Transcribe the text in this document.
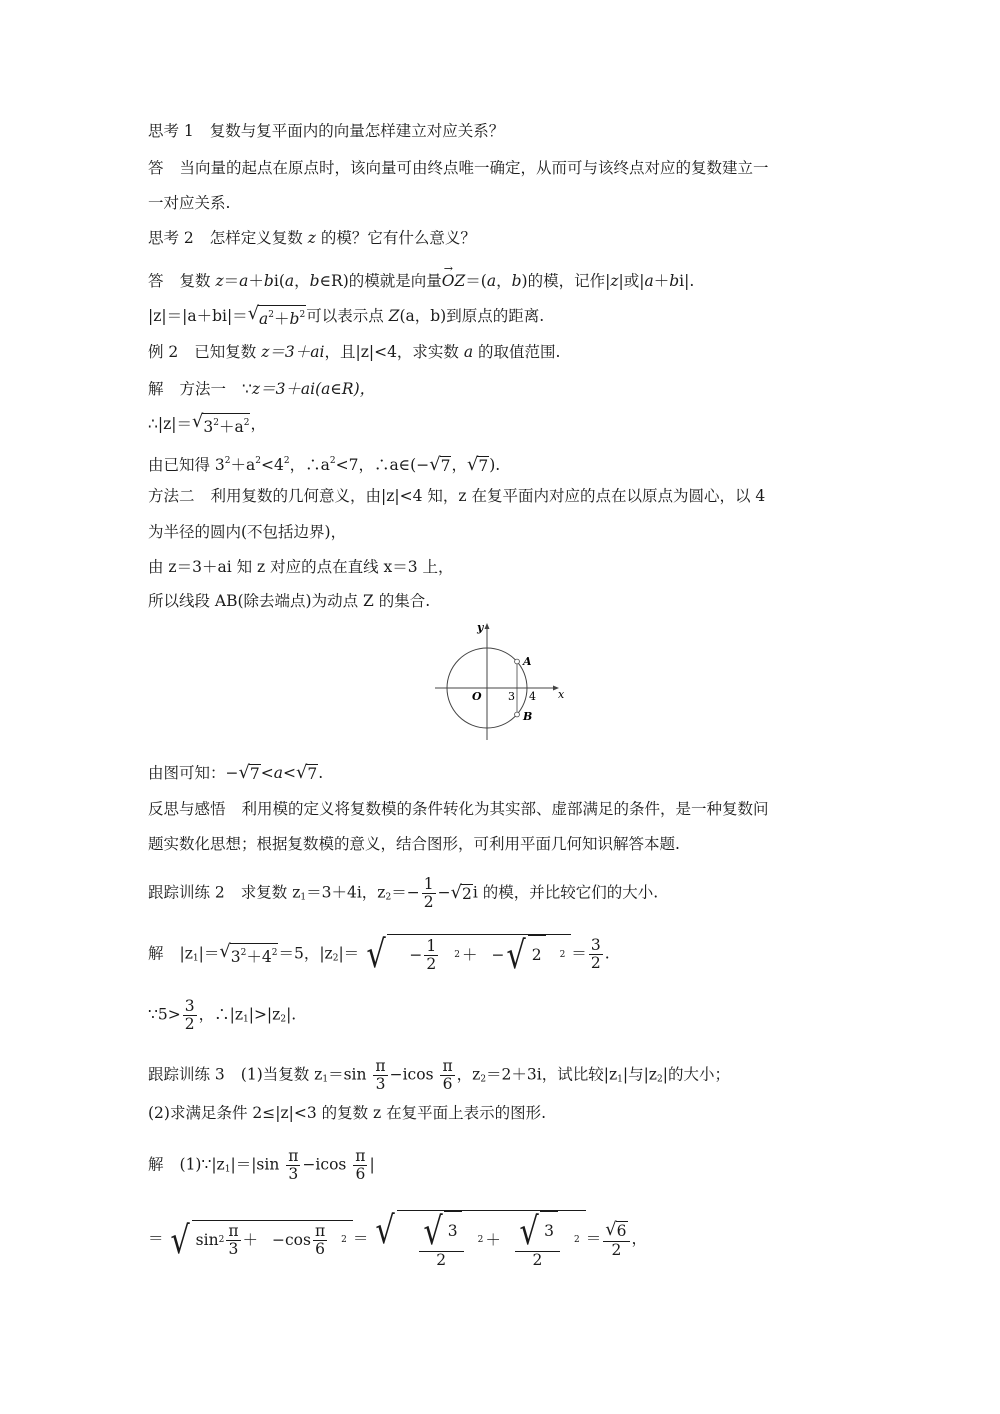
思考 1 复数与复平面内的向量怎样建立对应关系？
答 当向量的起点在原点时，该向量可由终点唯一确定，从而可与该终点对应的复数建立一
一对应关系.
思考 2 怎样定义复数 z 的模？它有什么意义？
答 复数 z＝a＋bi(a，b∈R)的模就是向量→ OZ＝(a，b)的模，记作|z|或|a＋bi|.
|z|＝|a＋bi|＝ √ $a^2+b^2$ 可以表示点 Z(a，b)到原点的距离.
例 2 已知复数 z＝3＋ai，且|z|<4，求实数 a 的取值范围.
解 方法一 ∵z＝3＋ai(a∈R)，
∴|z|＝ √ $3^2+a^2$ ，
由已知得 $3^2+a^2<4^2$，$\therefore a^2<7$，∴a∈(− √ 7 ， √ 7 ).
方法二 利用复数的几何意义，由|z|<4 知，z 在复平面内对应的点在以原点为圆心，以 4
为半径的圆内(不包括边界)，
由 z＝3＋ai 知 z 对应的点在直线 x＝3 上，
所以线段 AB(除去端点)为动点 Z 的集合.
y
x
O 3 4
A
B
由图可知：− √ 7 <a< √ 7 .
反思与感悟 利用模的定义将复数模的条件转化为其实部、虚部满足的条件，是一种复数问
题实数化思想；根据复数模的意义，结合图形，可利用平面几何知识解答本题.
跟踪训练 2 求复数 $z_1=3+4i$，$z_2=- \frac{1}{2}$ − √ 2 i 的模，并比较它们的大小.
解 $|z_1|=$ √ $3^2+4^2 =5$，$|z_2|=$ √ − $\frac{1}{2} 2$ ＋ − √ 2	$2 = \frac{3}{2}$ .
∵5> $\frac{3}{2}$ ，$\therefore|z_1|>|z_2|$.
跟踪训练 3 (1)当复数 $z_1=\sin \frac{\pi}{3} -icos \frac{\pi}{6}$ ，$z_2=2+3i$，试比较$|z_1|$与$|z_2|$的大小；
(2)求满足条件 2≤|z|<3 的复数 z 在复平面上表示的图形.
解 $(1)\because|z_1|=|\sin \frac{\pi}{3} -icos \frac{\pi}{6}$ |
＝ √ $\sin 2 \frac{\pi}{3} + -\cos \frac{\pi}{6} 2$ ＝ √ $\frac{√ 3}{2} 2 + \frac{√ 3}{2} 2 = \frac{√ 6}{2}$ ，
